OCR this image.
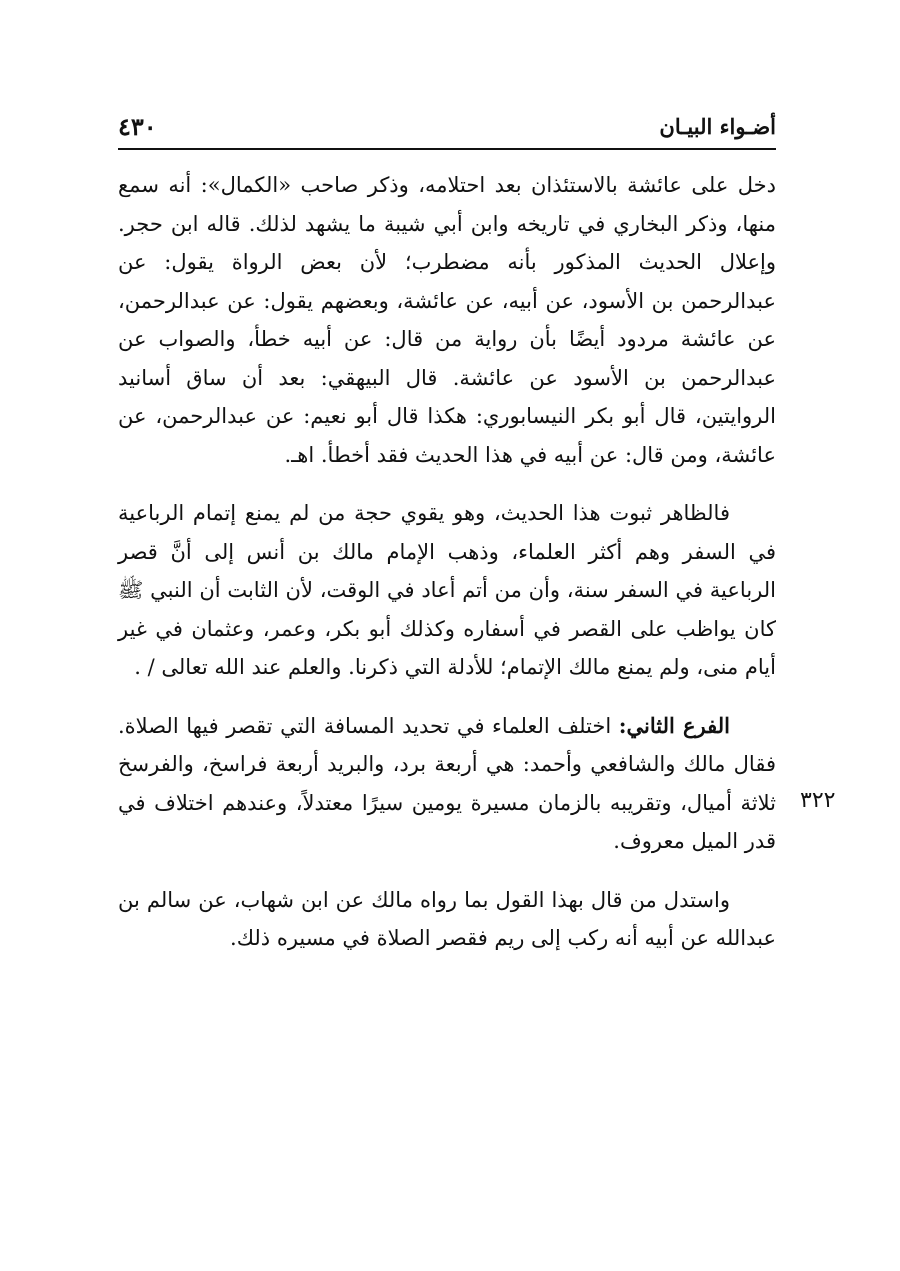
أضـواء البيـان
٤٣٠

دخل على عائشة بالاستئذان بعد احتلامه، وذكر صاحب «الكمال»: أنه سمع منها، وذكر البخاري في تاريخه وابن أبي شيبة ما يشهد لذلك. قاله ابن حجر. وإعلال الحديث المذكور بأنه مضطرب؛ لأن بعض الرواة يقول: عن عبدالرحمن بن الأسود، عن أبيه، عن عائشة، وبعضهم يقول: عن عبدالرحمن، عن عائشة مردود أيضًا بأن رواية من قال: عن أبيه خطأ، والصواب عن عبدالرحمن بن الأسود عن عائشة. قال البيهقي: بعد أن ساق أسانيد الروايتين، قال أبو بكر النيسابوري: هكذا قال أبو نعيم: عن عبدالرحمن، عن عائشة، ومن قال: عن أبيه في هذا الحديث فقد أخطأ. اهـ.

فالظاهر ثبوت هذا الحديث، وهو يقوي حجة من لم يمنع إتمام الرباعية في السفر وهم أكثر العلماء، وذهب الإمام مالك بن أنس إلى أنَّ قصر الرباعية في السفر سنة، وأن من أتم أعاد في الوقت، لأن الثابت أن النبي ﷺ كان يواظب على القصر في أسفاره وكذلك أبو بكر، وعمر، وعثمان في غير أيام منى، ولم يمنع مالك الإتمام؛ للأدلة التي ذكرنا. والعلم عند الله تعالى / .

الفرع الثاني: اختلف العلماء في تحديد المسافة التي تقصر فيها الصلاة. فقال مالك والشافعي وأحمد: هي أربعة برد، والبريد أربعة فراسخ، والفرسخ ثلاثة أميال، وتقريبه بالزمان مسيرة يومين سيرًا معتدلاً، وعندهم اختلاف في قدر الميل معروف.

واستدل من قال بهذا القول بما رواه مالك عن ابن شهاب، عن سالم بن عبدالله عن أبيه أنه ركب إلى ريم فقصر الصلاة في مسيره ذلك.

٣٢٢
